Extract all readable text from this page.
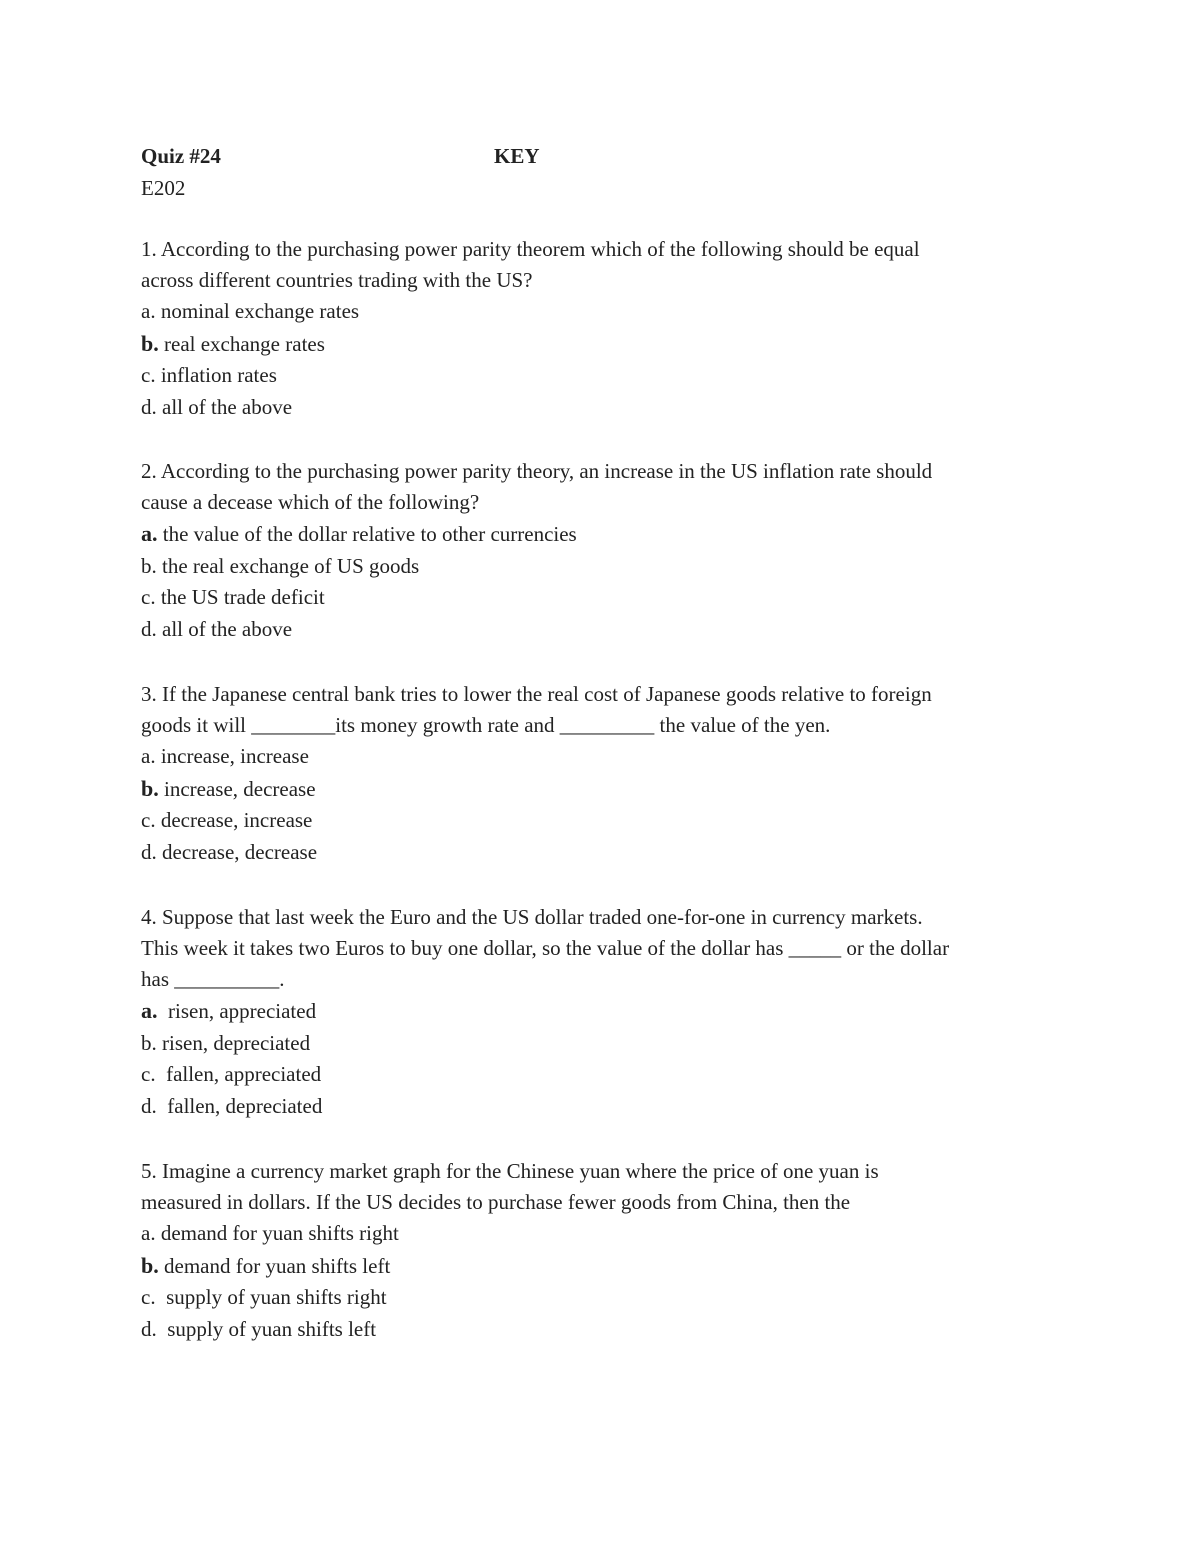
Quiz #24	KEY
E202

1. According to the purchasing power parity theorem which of the following should be equal

across different countries trading with the US?

a. nominal exchange rates
b. real exchange rates
c. inflation rates
d. all of the above

2. According to the purchasing power parity theory, an increase in the US inflation rate should

cause a decease which of the following?

a. the value of the dollar relative to other currencies
b. the real exchange of US goods
c. the US trade deficit
d. all of the above

3. If the Japanese central bank tries to lower the real cost of Japanese goods relative to foreign

goods it will ________its money growth rate and _________ the value of the yen.

a. increase, increase
b. increase, decrease
c. decrease, increase
d. decrease, decrease

4. Suppose that last week the Euro and the US dollar traded one-for-one in currency markets.

This week it takes two Euros to buy one dollar, so the value of the dollar has _____ or the dollar

has __________.

a.  risen, appreciated
b. risen, depreciated
c.  fallen, appreciated
d.  fallen, depreciated

5. Imagine a currency market graph for the Chinese yuan where the price of one yuan is

measured in dollars. If the US decides to purchase fewer goods from China, then the

a. demand for yuan shifts right
b. demand for yuan shifts left
c.  supply of yuan shifts right
d.  supply of yuan shifts left
